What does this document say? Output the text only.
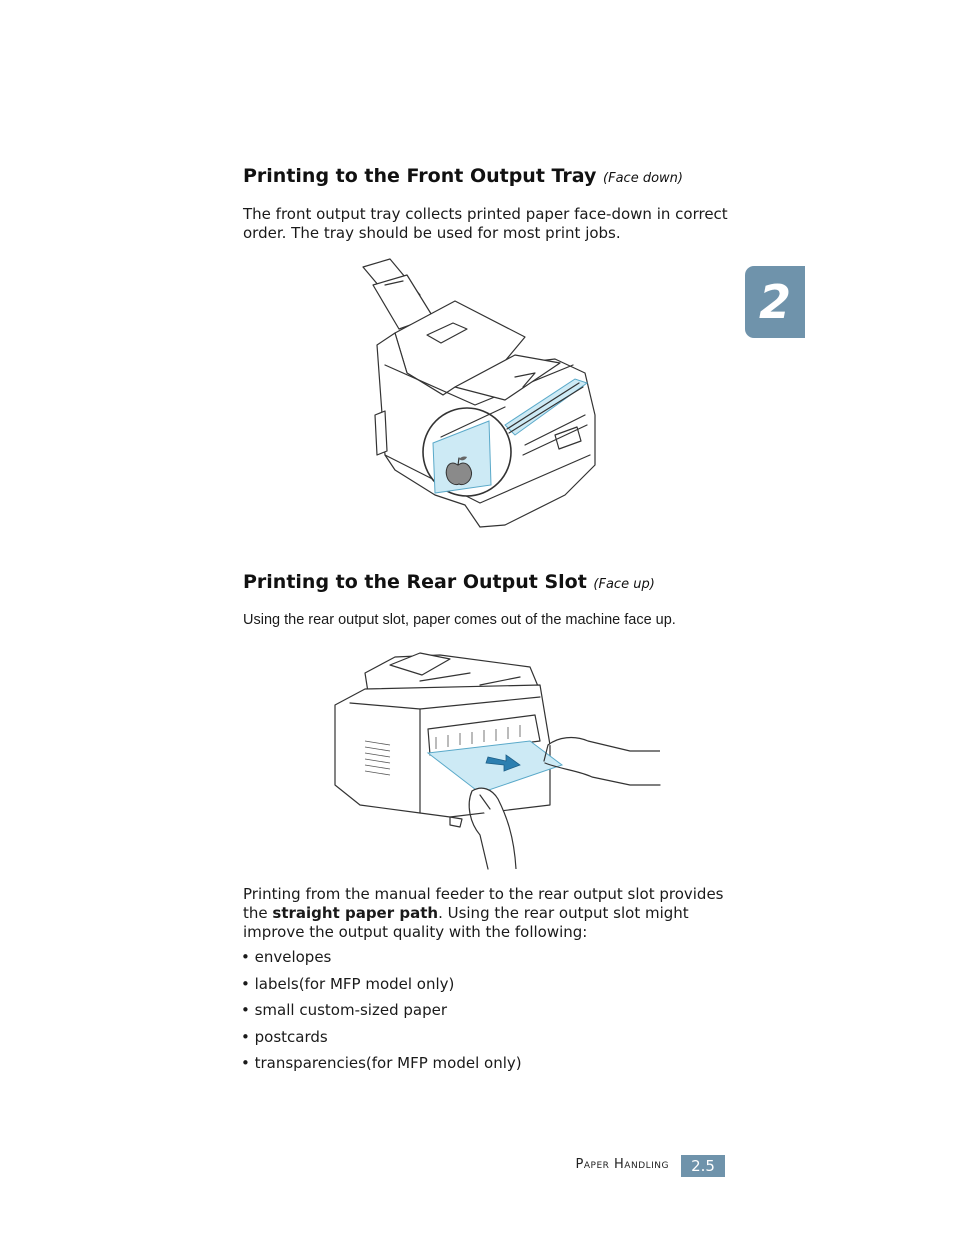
2
Printing to the Front Output Tray (Face down)

The front output tray collects printed paper face-down in correct
order. The tray should be used for most print jobs.

Printing to the Rear Output Slot (Face up)

Using the rear output slot, paper comes out of the machine face up.

Printing from the manual feeder to the rear output slot provides
the straight paper path. Using the rear output slot might
improve the output quality with the following:

• envelopes
• labels(for MFP model only)
• small custom-sized paper
• postcards
• transparencies(for MFP model only)
Paper Handling 2.5
